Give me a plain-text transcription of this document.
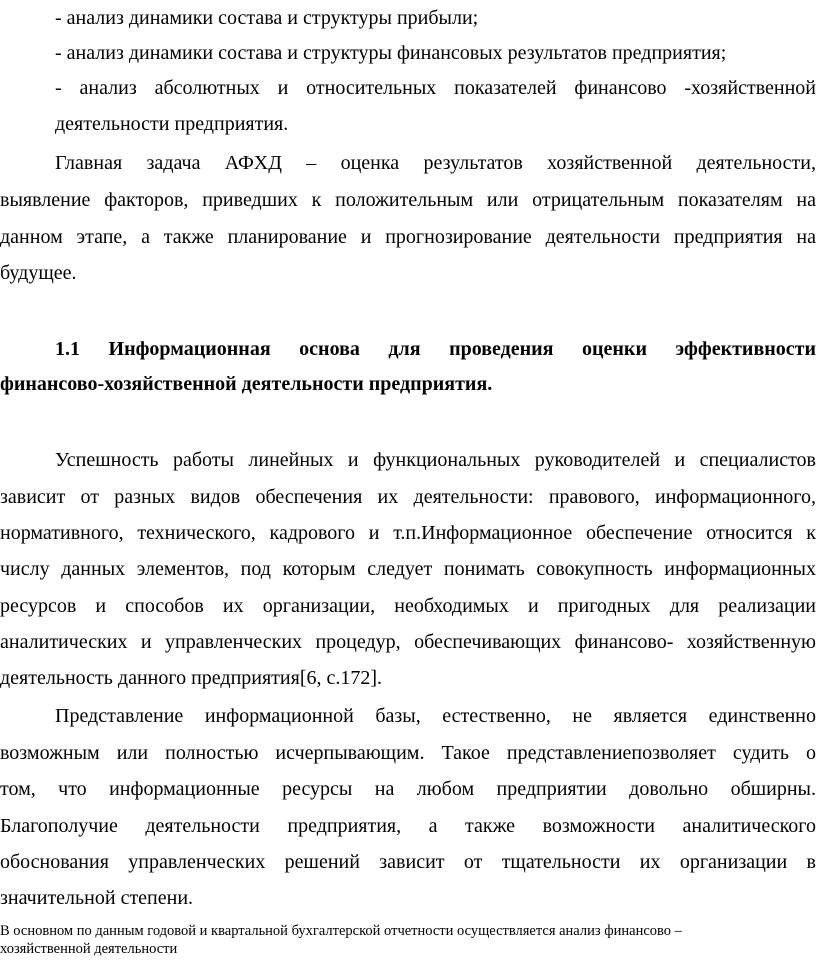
- анализ динамики состава и структуры прибыли;
- анализ динамики состава и структуры финансовых результатов предприятия;
- анализ абсолютных и относительных показателей финансово -хозяйственной
деятельности предприятия.
Главная задача АФХД – оценка результатов хозяйственной деятельности,
выявление факторов, приведших к положительным или отрицательным показателям на
данном этапе, а также планирование и прогнозирование деятельности предприятия на
будущее.
1.1 Информационная основа для проведения оценки эффективности
финансово-хозяйственной деятельности предприятия.
Успешность работы линейных и функциональных руководителей и специалистов
зависит от разных видов обеспечения их деятельности: правового, информационного,
нормативного, технического, кадрового и т.п.Информационное обеспечение относится к
числу данных элементов, под которым следует понимать совокупность информационных
ресурсов и способов их организации, необходимых и пригодных для реализации
аналитических и управленческих процедур, обеспечивающих финансово- хозяйственную
деятельность данного предприятия[6, с.172].
Представление информационной базы, естественно, не является единственно
возможным или полностью исчерпывающим. Такое представлениепозволяет судить о
том, что информационные ресурсы на любом предприятии довольно обширны.
Благополучие деятельности предприятия, а также возможности аналитического
обоснования управленческих решений зависит от тщательности их организации в
значительной степени.
В основном по данным годовой и квартальной бухгалтерской отчетности осуществляется анализ финансово –
хозяйственной деятельности
